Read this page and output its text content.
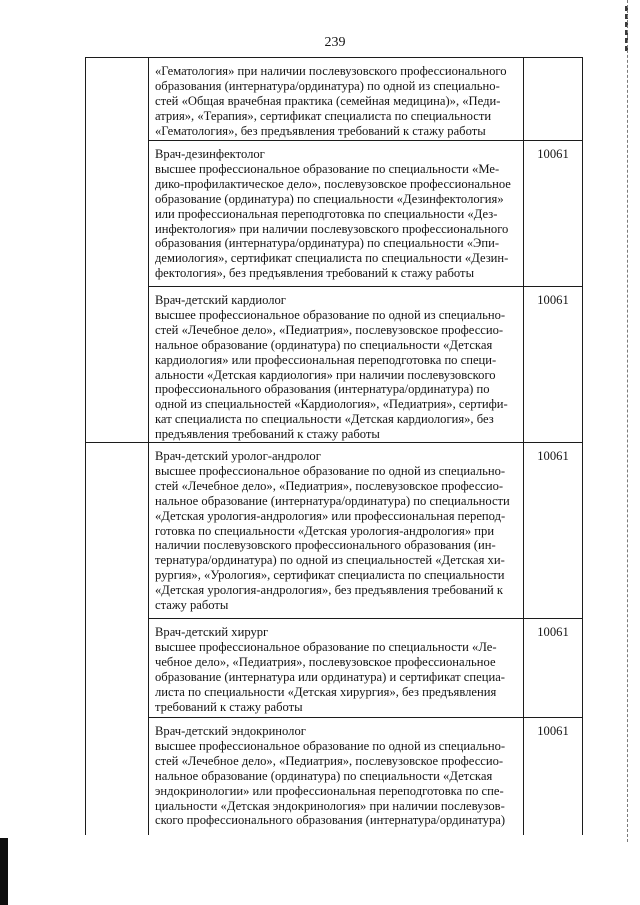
239
«Гематология» при наличии послевузовского профессионального
образования (интернатура/ординатура) по одной из специально-
стей «Общая врачебная практика (семейная медицина)», «Педи-
атрия», «Терапия», сертификат специалиста по специальности
«Гематология», без предъявления требований к стажу работы
Врач-дезинфектолог
высшее профессиональное образование по специальности «Ме-
дико-профилактическое дело», послевузовское профессиональное
образование (ординатура) по специальности «Дезинфектология»
или профессиональная переподготовка по специальности «Дез-
инфектология» при наличии послевузовского профессионального
образования (интернатура/ординатура) по специальности «Эпи-
демиология», сертификат специалиста по специальности «Дезин-
фектология», без предъявления требований к стажу работы
10061
Врач-детский кардиолог
высшее профессиональное образование по одной из специально-
стей «Лечебное дело», «Педиатрия», послевузовское профессио-
нальное образование (ординатура) по специальности «Детская
кардиология» или профессиональная переподготовка по специ-
альности «Детская кардиология» при наличии послевузовского
профессионального образования (интернатура/ординатура) по
одной из специальностей «Кардиология», «Педиатрия», сертифи-
кат специалиста по специальности «Детская кардиология», без
предъявления требований к стажу работы
10061
Врач-детский уролог-андролог
высшее профессиональное образование по одной из специально-
стей «Лечебное дело», «Педиатрия», послевузовское профессио-
нальное образование (интернатура/ординатура) по специальности
«Детская урология-андрология» или профессиональная перепод-
готовка по специальности «Детская урология-андрология» при
наличии послевузовского профессионального образования (ин-
тернатура/ординатура) по одной из специальностей «Детская хи-
рургия», «Урология», сертификат специалиста по специальности
«Детская урология-андрология», без предъявления требований к
стажу работы
10061
Врач-детский хирург
высшее профессиональное образование по специальности «Ле-
чебное дело», «Педиатрия», послевузовское профессиональное
образование (интернатура или ординатура) и сертификат специа-
листа по специальности «Детская хирургия», без предъявления
требований к стажу работы
10061
Врач-детский эндокринолог
высшее профессиональное образование по одной из специально-
стей «Лечебное дело», «Педиатрия», послевузовское профессио-
нальное образование (ординатура) по специальности «Детская
эндокринологии» или профессиональная переподготовка по спе-
циальности «Детская эндокринология» при наличии послевузов-
ского профессионального образования (интернатура/ординатура)
10061
